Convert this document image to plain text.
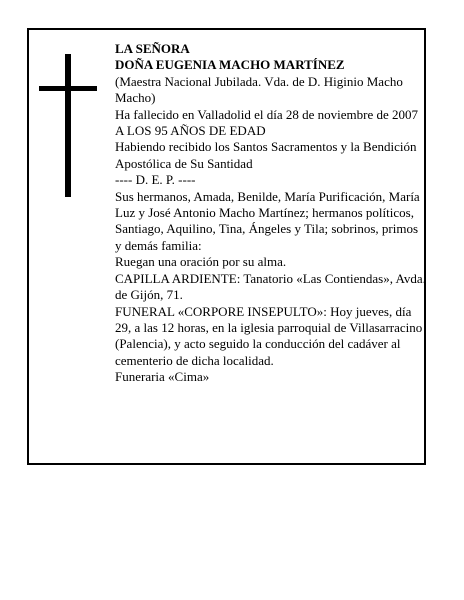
LA SEÑORA

DOÑA EUGENIA MACHO MARTÍNEZ

(Maestra Nacional Jubilada. Vda. de D. Higinio Macho Macho)

Ha fallecido en Valladolid el día 28 de noviembre de 2007

A LOS 95 AÑOS DE EDAD

Habiendo recibido los Santos Sacramentos y la Bendición Apostólica de Su Santidad

---- D. E. P. ----

Sus hermanos, Amada, Benilde, María Purificación, María Luz y José Antonio Macho Martínez; hermanos políticos, Santiago, Aquilino, Tina, Ángeles y Tila; sobrinos, primos y demás familia:

Ruegan una oración por su alma.

CAPILLA ARDIENTE: Tanatorio «Las Contiendas», Avda. de Gijón, 71.

FUNERAL «CORPORE INSEPULTO»: Hoy jueves, día 29, a las 12 horas, en la iglesia parroquial de Villasarracino (Palencia), y acto seguido la conducción del cadáver al cementerio de dicha localidad.

Funeraria «Cima»
